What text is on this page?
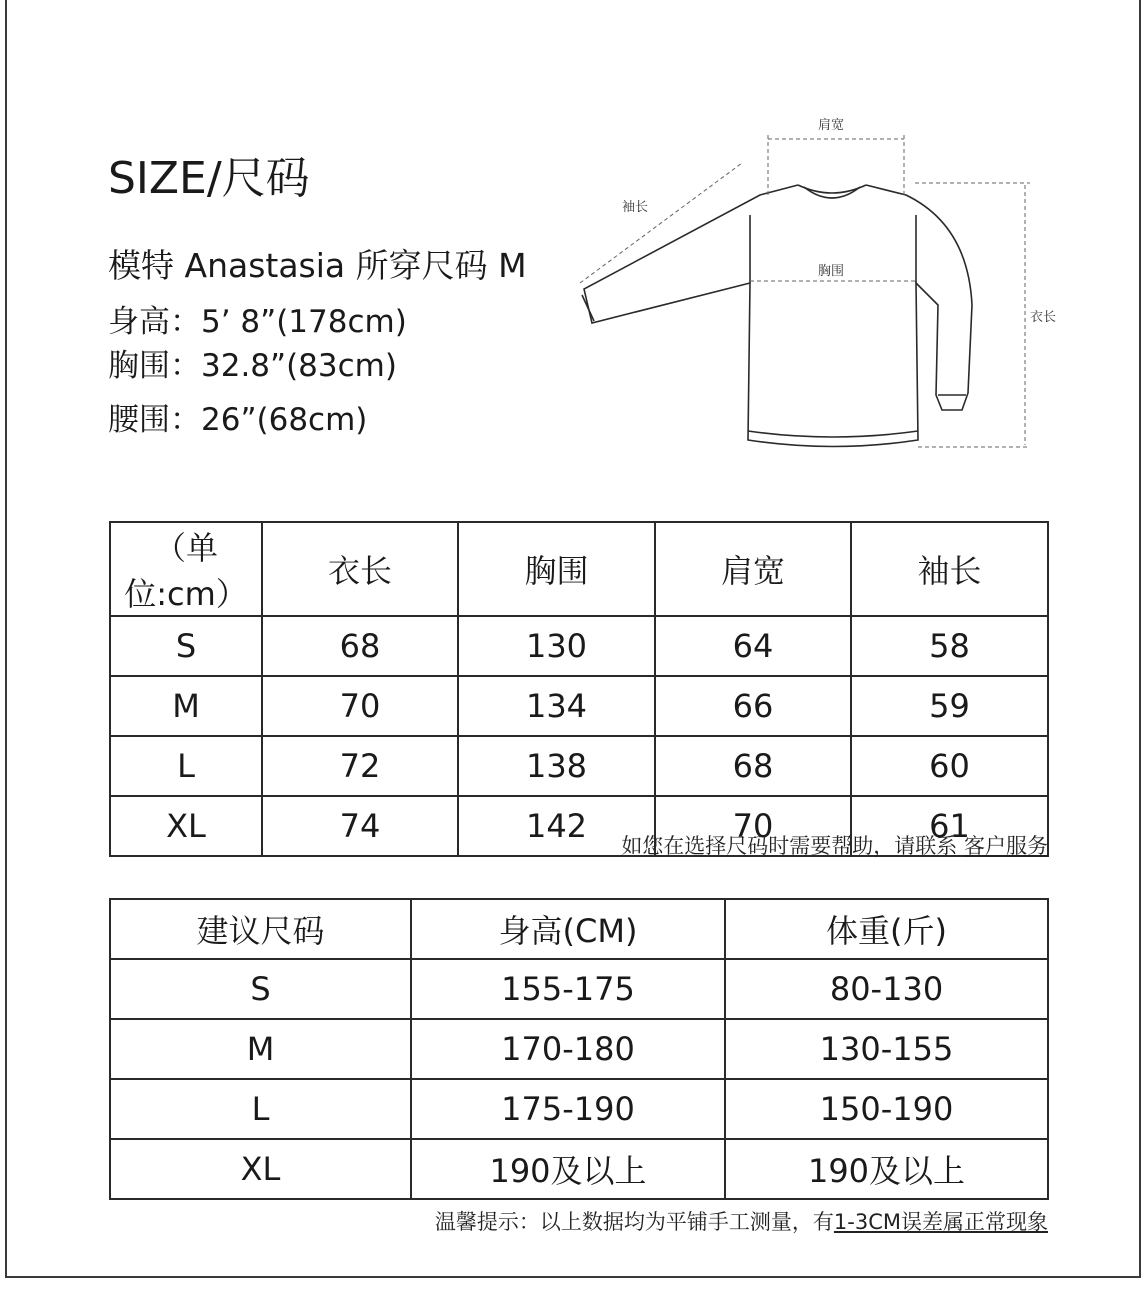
SIZE/尺码
模特 Anastasia 所穿尺码 M
身高：5’ 8”(178cm)
胸围：32.8”(83cm)
腰围：26”(68cm)
肩宽
胸围
袖长
衣长
（单位:cm）	衣长	胸围	肩宽	袖长
S	68	130	64	58
M	70	134	66	59
L	72	138	68	60
XL	74	142	70	61
如您在选择尺码时需要帮助，请联系 客户服务
建议尺码	身高(CM)	体重(斤)
S	155-175	80-130
M	170-180	130-155
L	175-190	150-190
XL	190及以上	190及以上
温馨提示：以上数据均为平铺手工测量，有1-3CM误差属正常现象
